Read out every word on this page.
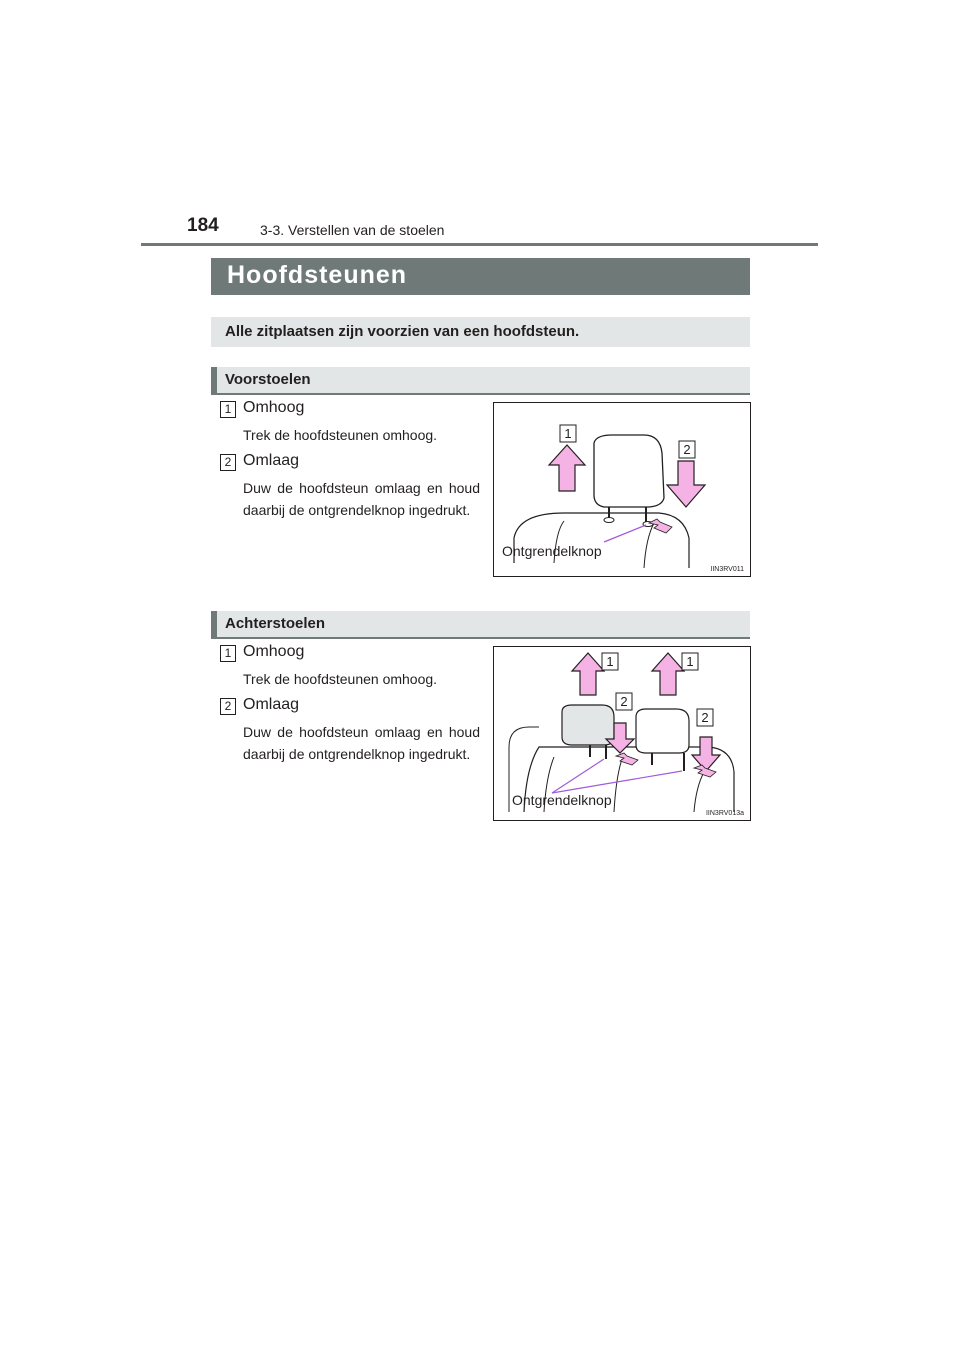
184	3-3. Verstellen van de stoelen
Hoofdsteunen
Alle zitplaatsen zijn voorzien van een hoofdsteun.
Voorstoelen
1 Omhoog
Trek de hoofdsteunen omhoog.
2 Omlaag
Duw de hoofdsteun omlaag en houd daarbij de ontgrendelknop ingedrukt.
1
2
Ontgrendelknop
IIN3RV011
Achterstoelen
1 Omhoog
Trek de hoofdsteunen omhoog.
2 Omlaag
Duw de hoofdsteun omlaag en houd daarbij de ontgrendelknop ingedrukt.
1	1
2
2
Ontgrendelknop
IIN3RV013a
